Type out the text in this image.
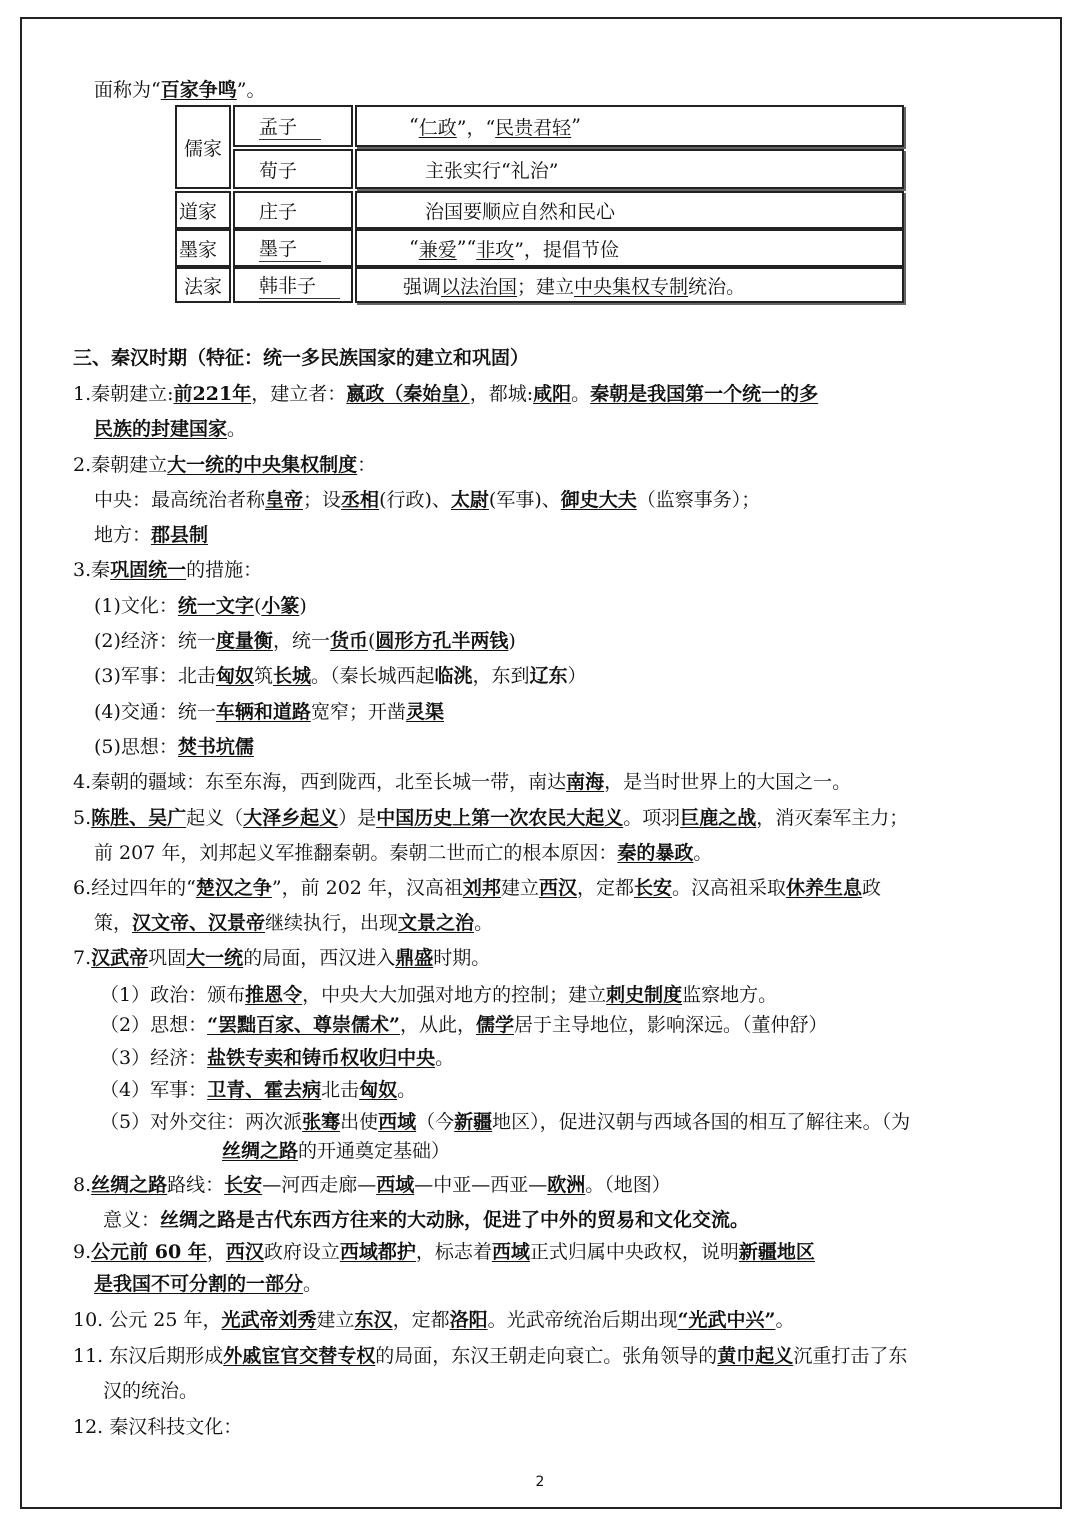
面称为“百家争鸣”。
儒家
孟子	“ 仁政 ”，“ 民贵君轻 ”
荀子	主张实行“礼治”
道家	庄子	治国要顺应自然和民心
墨家	墨子	“ 兼爱 ”“ 非攻 ”，提倡节俭
法家	韩非子	强调 以法治国 ；建立 中央集权专制 统治。
三、秦汉时期（特征：统一多民族国家的建立和巩固）
1.秦朝建立:前221年，建立者：嬴政（秦始皇），都城:咸阳。秦朝是我国第一个统一的多
民族的封建国家。
2.秦朝建立大一统的中央集权制度：
中央：最高统治者称皇帝；设丞相(行政)、太尉(军事)、御史大夫（监察事务）；
地方：郡县制
3.秦巩固统一的措施：
(1)文化：统一文字(小篆)
(2)经济：统一度量衡，统一货币(圆形方孔半两钱)
(3)军事：北击匈奴筑长城。（秦长城西起临洮，东到辽东）
(4)交通：统一车辆和道路宽窄；开凿灵渠
(5)思想：焚书坑儒
4.秦朝的疆域：东至东海，西到陇西，北至长城一带，南达南海，是当时世界上的大国之一。
5.陈胜、吴广起义（大泽乡起义）是中国历史上第一次农民大起义。项羽巨鹿之战，消灭秦军主力；
前 207 年，刘邦起义军推翻秦朝。秦朝二世而亡的根本原因：秦的暴政。
6.经过四年的“楚汉之争”，前 202 年，汉高祖刘邦建立西汉，定都长安。汉高祖采取休养生息政
策，汉文帝、汉景帝继续执行，出现文景之治。
7.汉武帝巩固大一统的局面，西汉进入鼎盛时期。
（1）政治：颁布推恩令，中央大大加强对地方的控制；建立刺史制度监察地方。
（2）思想：“罢黜百家、尊崇儒术”，从此，儒学居于主导地位，影响深远。（董仲舒）
（3）经济：盐铁专卖和铸币权收归中央。
（4）军事：卫青、霍去病北击匈奴。
（5）对外交往：两次派张骞出使西域（今新疆地区），促进汉朝与西域各国的相互了解往来。（为
丝绸之路的开通奠定基础）
8.丝绸之路路线：长安—河西走廊—西域—中亚—西亚—欧洲。（地图）
意义：丝绸之路是古代东西方往来的大动脉，促进了中外的贸易和文化交流。
9.公元前 60 年，西汉政府设立西域都护，标志着西域正式归属中央政权，说明新疆地区
是我国不可分割的一部分。
10. 公元 25 年，光武帝刘秀建立东汉，定都洛阳。光武帝统治后期出现“光武中兴”。
11. 东汉后期形成外戚宦官交替专权的局面，东汉王朝走向衰亡。张角领导的黄巾起义沉重打击了东
汉的统治。
12. 秦汉科技文化：
2
